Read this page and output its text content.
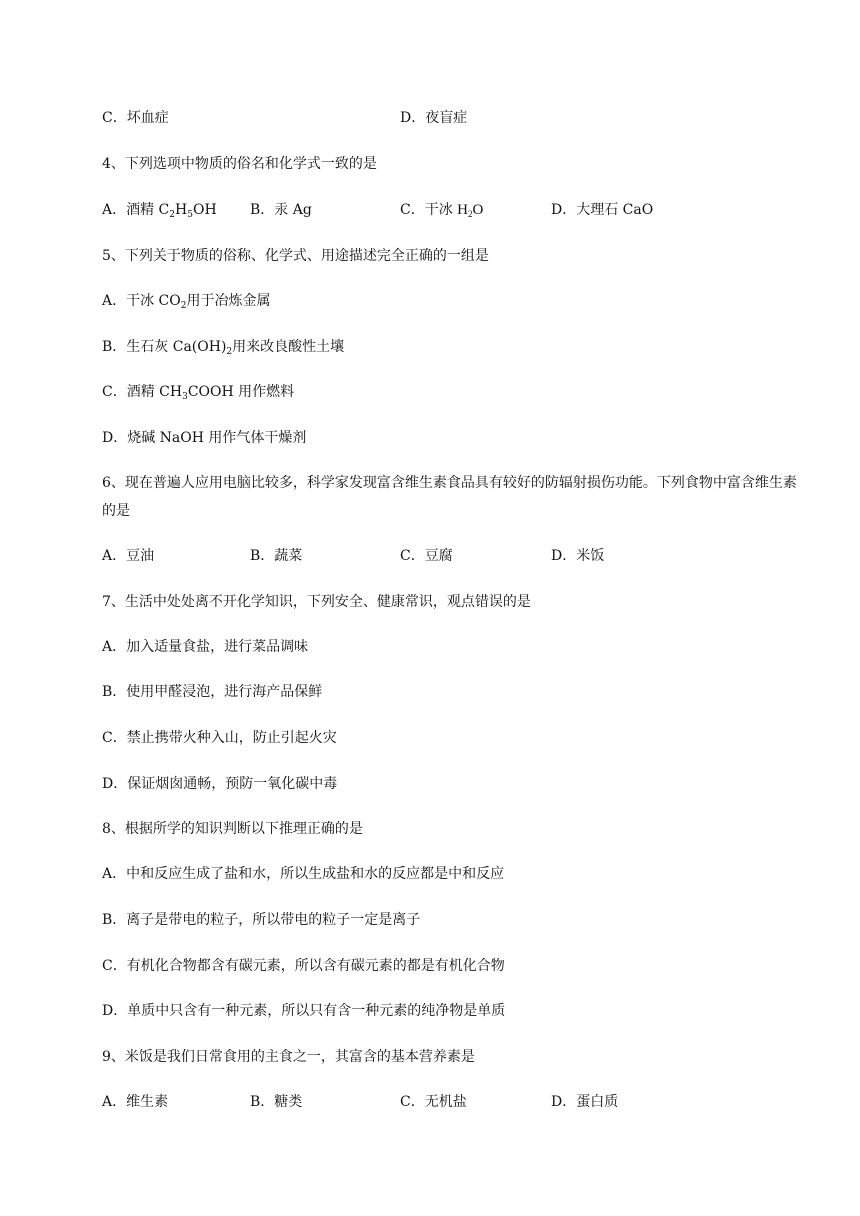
C．坏血症	D．夜盲症
4、下列选项中物质的俗名和化学式一致的是
A．酒精 $C_2H_5OH$ B．汞 Ag	C．干冰 $H_2O$	D．大理石 CaO
5、下列关于物质的俗称、化学式、用途描述完全正确的一组是
A．干冰 $CO_2$用于冶炼金属
B．生石灰 $Ca(OH)_2$用来改良酸性土壤
C．酒精 $CH_3COOH$ 用作燃料
D．烧碱 NaOH 用作气体干燥剂
6、现在普遍人应用电脑比较多，科学家发现富含维生素食品具有较好的防辐射损伤功能。下列食物中富含维生素的是
A．豆油	B．蔬菜	C．豆腐	D．米饭
7、生活中处处离不开化学知识，下列安全、健康常识，观点错误的是
A．加入适量食盐，进行菜品调味
B．使用甲醛浸泡，进行海产品保鲜
C．禁止携带火种入山，防止引起火灾
D．保证烟囱通畅，预防一氧化碳中毒
8、根据所学的知识判断以下推理正确的是
A．中和反应生成了盐和水，所以生成盐和水的反应都是中和反应
B．离子是带电的粒子，所以带电的粒子一定是离子
C．有机化合物都含有碳元素，所以含有碳元素的都是有机化合物
D．单质中只含有一种元素，所以只有含一种元素的纯净物是单质
9、米饭是我们日常食用的主食之一，其富含的基本营养素是
A．维生素	B．糖类	C．无机盐	D．蛋白质
